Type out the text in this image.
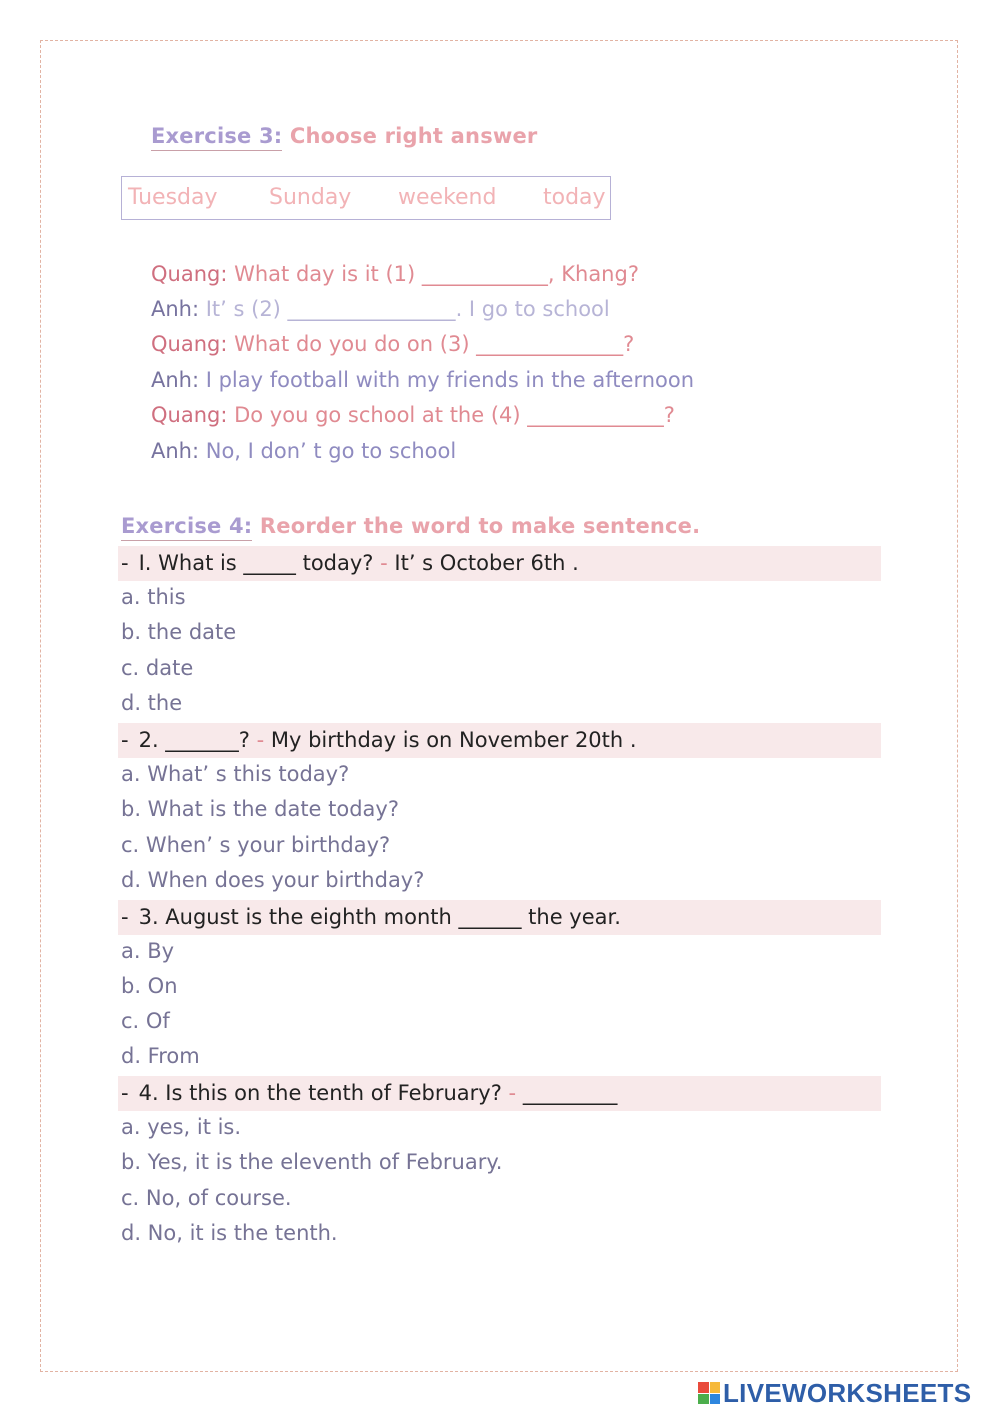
Exercise 3: Choose right answer
Tuesday Sunday weekend today
Quang: What day is it (1) ____________, Khang?
Anh: It’ s (2) ________________. I go to school
Quang: What do you do on (3) ______________?
Anh: I play football with my friends in the afternoon
Quang: Do you go school at the (4) _____________?
Anh: No, I don’ t go to school
Exercise 4: Reorder the word to make sentence.
- I. What is _____ today? - It’ s October 6th .
a. this
b. the date
c. date
d. the
- 2. _______? - My birthday is on November 20th .
a. What’ s this today?
b. What is the date today?
c. When’ s your birthday?
d. When does your birthday?
- 3. August is the eighth month ______ the year.
a. By
b. On
c. Of
d. From
- 4. Is this on the tenth of February? - _________
a. yes, it is.
b. Yes, it is the eleventh of February.
c. No, of course.
d. No, it is the tenth.
LIVEWORKSHEETS
